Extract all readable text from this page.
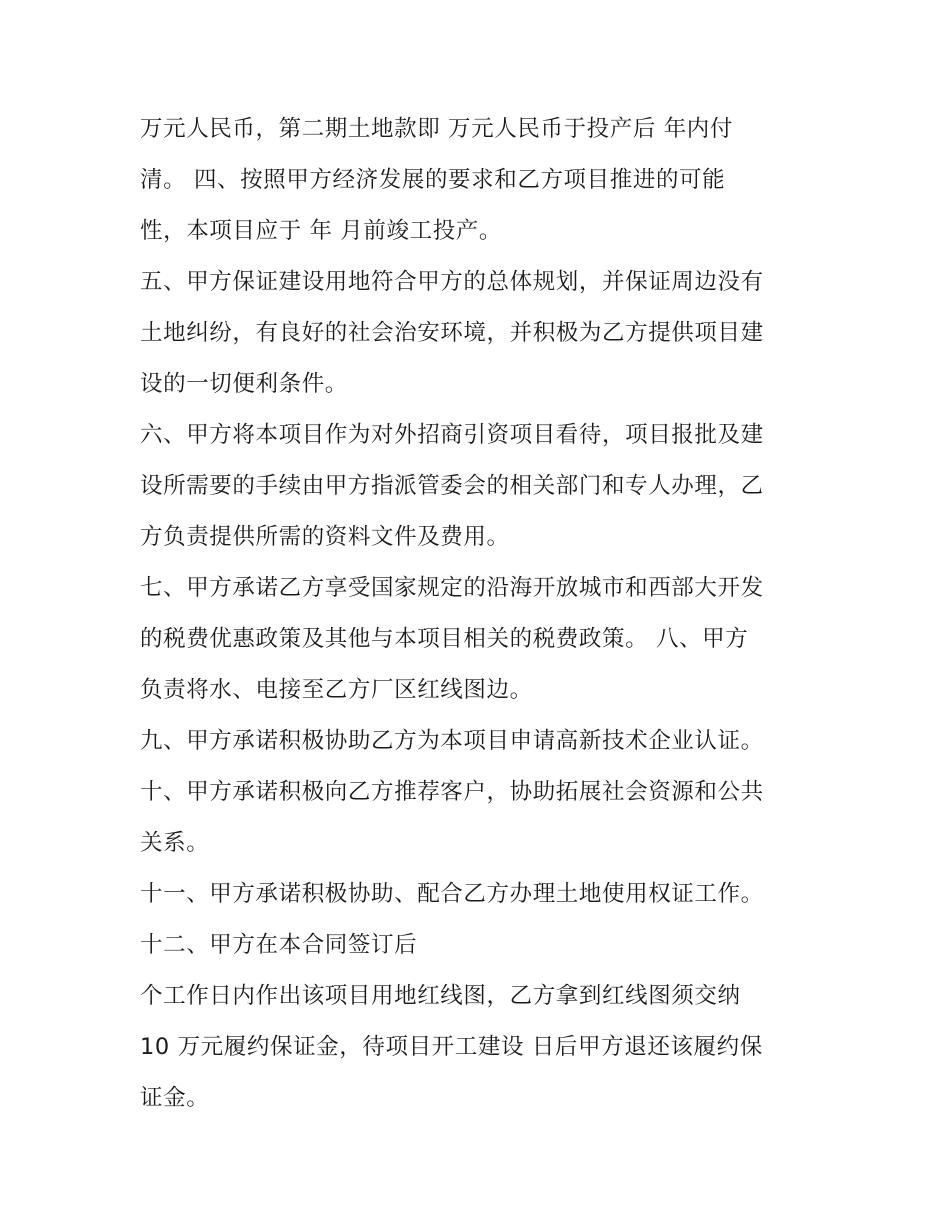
万元人民币，第二期土地款即 万元人民币于投产后 年内付
清。 四、按照甲方经济发展的要求和乙方项目推进的可能
性，本项目应于 年 月前竣工投产。
五、甲方保证建设用地符合甲方的总体规划，并保证周边没有
土地纠纷，有良好的社会治安环境，并积极为乙方提供项目建
设的一切便利条件。
六、甲方将本项目作为对外招商引资项目看待，项目报批及建
设所需要的手续由甲方指派管委会的相关部门和专人办理，乙
方负责提供所需的资料文件及费用。
七、甲方承诺乙方享受国家规定的沿海开放城市和西部大开发
的税费优惠政策及其他与本项目相关的税费政策。 八、甲方
负责将水、电接至乙方厂区红线图边。
九、甲方承诺积极协助乙方为本项目申请高新技术企业认证。
十、甲方承诺积极向乙方推荐客户，协助拓展社会资源和公共
关系。
十一、甲方承诺积极协助、配合乙方办理土地使用权证工作。
十二、甲方在本合同签订后
个工作日内作出该项目用地红线图，乙方拿到红线图须交纳
10 万元履约保证金，待项目开工建设 日后甲方退还该履约保
证金。
